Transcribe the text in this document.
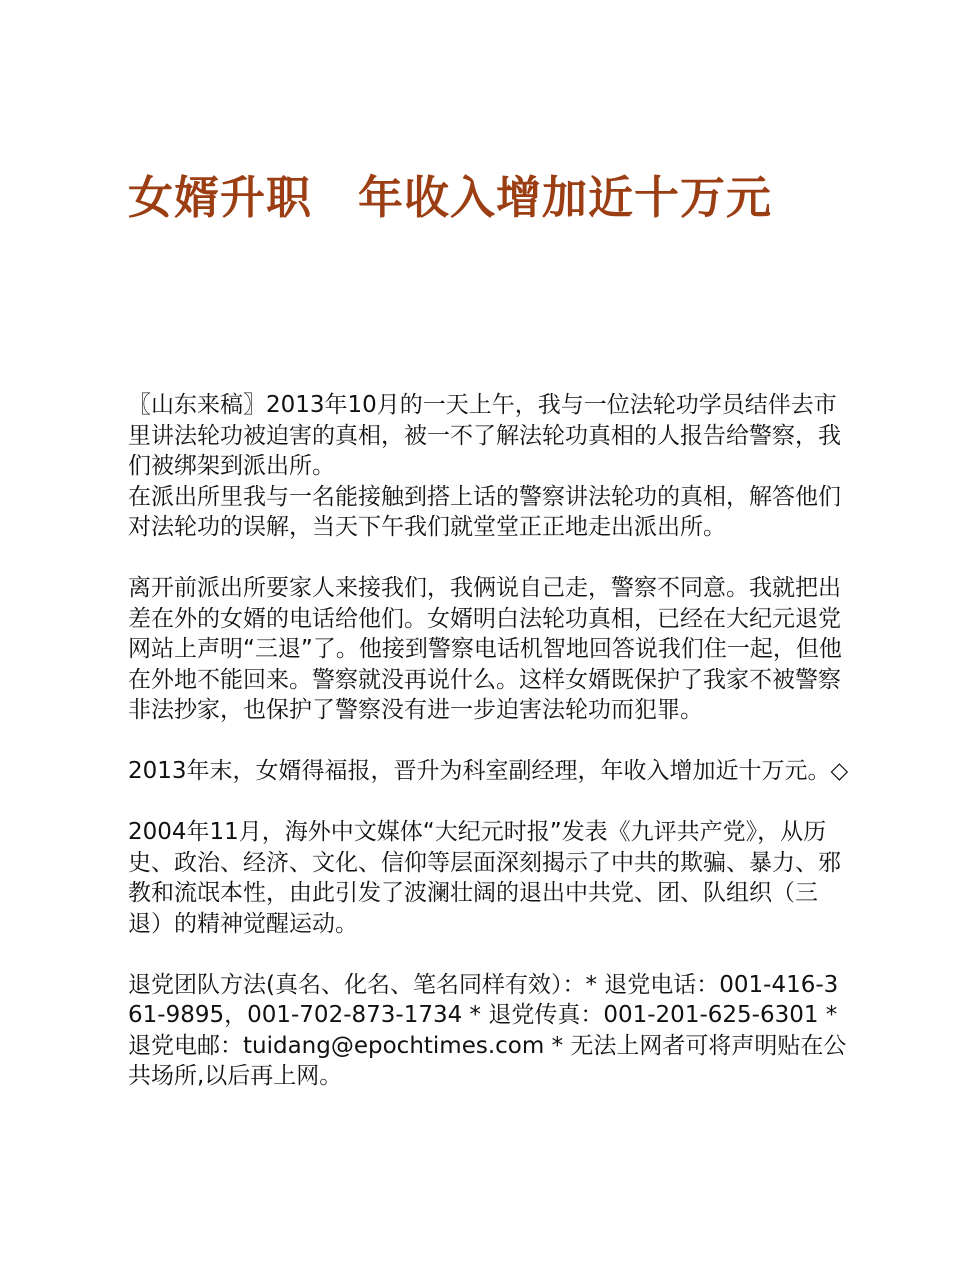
女婿升职　年收入增加近十万元

〖山东来稿〗2013年10月的一天上午，我与一位法轮功学员结伴去市里讲法轮功被迫害的真相，被一不了解法轮功真相的人报告给警察，我们被绑架到派出所。

在派出所里我与一名能接触到搭上话的警察讲法轮功的真相，解答他们对法轮功的误解，当天下午我们就堂堂正正地走出派出所。

离开前派出所要家人来接我们，我俩说自己走，警察不同意。我就把出差在外的女婿的电话给他们。女婿明白法轮功真相，已经在大纪元退党网站上声明“三退”了。他接到警察电话机智地回答说我们住一起，但他在外地不能回来。警察就没再说什么。这样女婿既保护了我家不被警察非法抄家，也保护了警察没有进一步迫害法轮功而犯罪。

2013年末，女婿得福报，晋升为科室副经理，年收入增加近十万元。◇

2004年11月，海外中文媒体“大纪元时报”发表《九评共产党》，从历史、政治、经济、文化、信仰等层面深刻揭示了中共的欺骗、暴力、邪教和流氓本性，由此引发了波澜壮阔的退出中共党、团、队组织（三退）的精神觉醒运动。

退党团队方法(真名、化名、笔名同样有效）：* 退党电话：001-416-361-9895，001-702-873-1734 * 退党传真：001-201-625-6301 * 退党电邮：tuidang@epochtimes.com * 无法上网者可将声明贴在公共场所,以后再上网。
